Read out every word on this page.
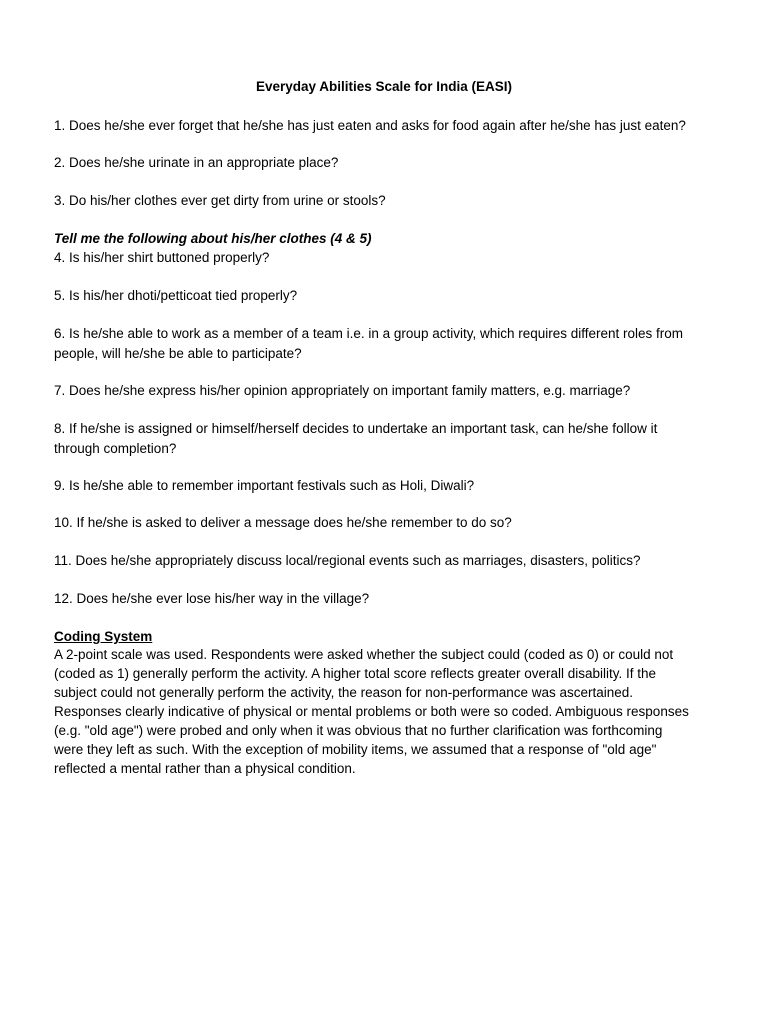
Everyday Abilities Scale for India (EASI)

1. Does he/she ever forget that he/she has just eaten and asks for food again after he/she has just eaten?

2. Does he/she urinate in an appropriate place?

3. Do his/her clothes ever get dirty from urine or stools?

Tell me the following about his/her clothes (4 & 5)

4. Is his/her shirt buttoned properly?

5. Is his/her dhoti/petticoat tied properly?

6. Is he/she able to work as a member of a team i.e. in a group activity, which requires different roles from
people, will he/she be able to participate?

7. Does he/she express his/her opinion appropriately on important family matters, e.g. marriage?

8. If he/she is assigned or himself/herself decides to undertake an important task, can he/she follow it
through completion?

9. Is he/she able to remember important festivals such as Holi, Diwali?

10. If he/she is asked to deliver a message does he/she remember to do so?

11. Does he/she appropriately discuss local/regional events such as marriages, disasters, politics?

12. Does he/she ever lose his/her way in the village?

Coding System

A 2-point scale was used. Respondents were asked whether the subject could (coded as 0) or could not
(coded as 1) generally perform the activity. A higher total score reflects greater overall disability. If the
subject could not generally perform the activity, the reason for non-performance was ascertained.
Responses clearly indicative of physical or mental problems or both were so coded. Ambiguous responses
(e.g. "old age") were probed and only when it was obvious that no further clarification was forthcoming
were they left as such. With the exception of mobility items, we assumed that a response of "old age"
reflected a mental rather than a physical condition.
